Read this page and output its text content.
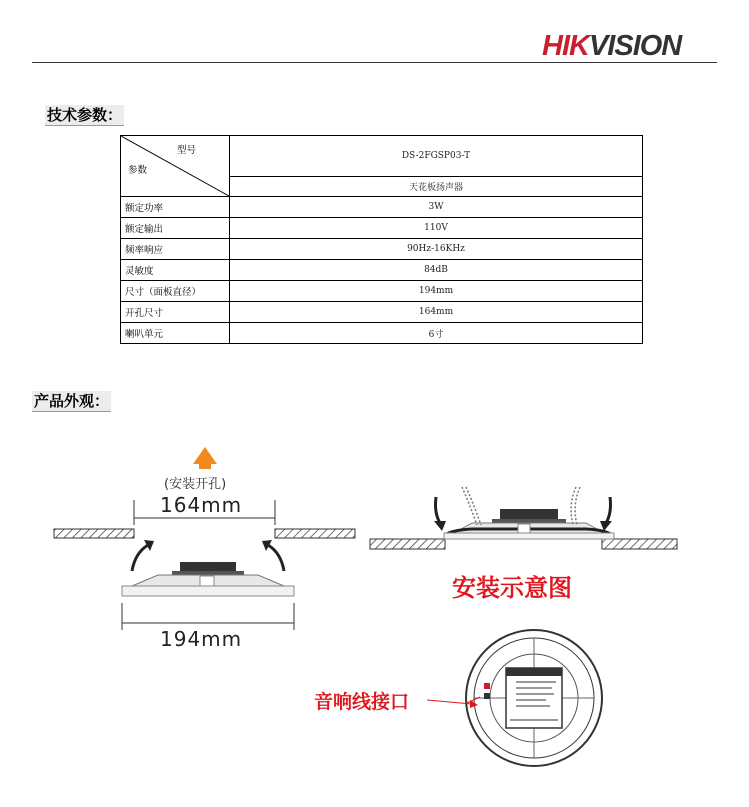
HIKVISION
技术参数：
型号
参数	DS-2FGSP03-T
	天花板扬声器
额定功率	3W
额定输出	110V
频率响应	90Hz-16KHz
灵敏度	84dB
尺寸（面板直径）	194mm
开孔尺寸	164mm
喇叭单元	6寸
产品外观：
(安装开孔)
164mm
194mm
安装示意图
音响线接口
